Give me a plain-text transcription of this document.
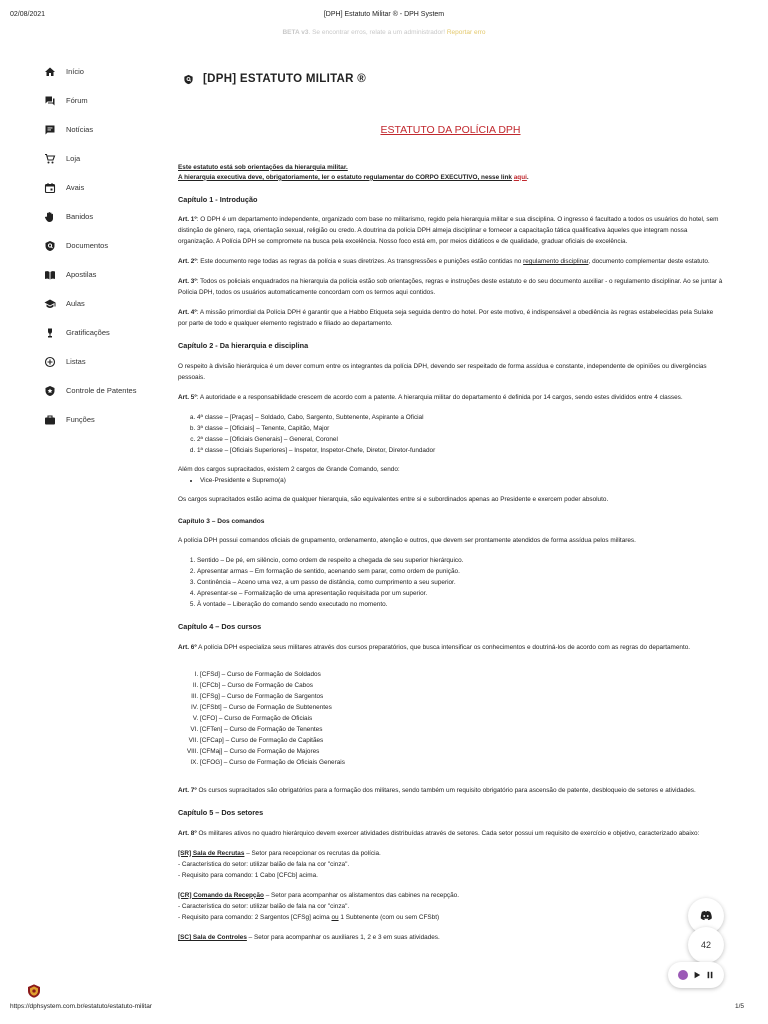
02/08/2021	[DPH] Estatuto Militar ® - DPH System
BETA v3. Se encontrar erros, relate a um administrador! Reportar erro
Início
Fórum
Notícias
Loja
Avais
Banidos
Documentos
Apostilas
Aulas
Gratificações
Listas
Controle de Patentes
Funções
[DPH] ESTATUTO MILITAR ®
ESTATUTO DA POLÍCIA DPH
Este estatuto está sob orientações da hierarquia militar.
A hierarquia executiva deve, obrigatoriamente, ler o estatuto regulamentar do CORPO EXECUTIVO, nesse link aqui.
Capítulo 1 - Introdução

Art. 1º: O DPH é um departamento independente, organizado com base no militarismo, regido pela hierarquia militar e sua disciplina. O ingresso é facultado a todos os usuários do hotel, sem distinção de gênero, raça, orientação sexual, religião ou credo. A doutrina da polícia DPH almeja disciplinar e fornecer a capacitação tática qualificativa àqueles que integram nossa organização. A Polícia DPH se compromete na busca pela excelência. Nosso foco está em, por meios didáticos e de qualidade, graduar oficiais de excelência.

Art. 2º: Este documento rege todas as regras da polícia e suas diretrizes. As transgressões e punições estão contidas no regulamento disciplinar, documento complementar deste estatuto.

Art. 3º: Todos os policiais enquadrados na hierarquia da polícia estão sob orientações, regras e instruções deste estatuto e do seu documento auxiliar - o regulamento disciplinar. Ao se juntar à Polícia DPH, todos os usuários automaticamente concordam com os termos aqui contidos.

Art. 4º: A missão primordial da Polícia DPH é garantir que a Habbo Etiqueta seja seguida dentro do hotel. Por este motivo, é indispensável a obediência às regras estabelecidas pela Sulake por parte de todo e qualquer elemento registrado e filiado ao departamento.

Capítulo 2 - Da hierarquia e disciplina

O respeito à divisão hierárquica é um dever comum entre os integrantes da polícia DPH, devendo ser respeitado de forma assídua e constante, independente de opiniões ou divergências pessoais.

Art. 5º: A autoridade e a responsabilidade crescem de acordo com a patente. A hierarquia militar do departamento é definida por 14 cargos, sendo estes divididos entre 4 classes.

a. 4ª classe – [Praças] – Soldado, Cabo, Sargento, Subtenente, Aspirante a Oficial
b. 3ª classe – [Oficiais] – Tenente, Capitão, Major
c. 2ª classe – [Oficiais Generais] – General, Coronel
d. 1ª classe – [Oficiais Superiores] – Inspetor, Inspetor-Chefe, Diretor, Diretor-fundador
Além dos cargos supracitados, existem 2 cargos de Grande Comando, sendo:
• Vice-Presidente e Supremo(a)

Os cargos supracitados estão acima de qualquer hierarquia, são equivalentes entre si e subordinados apenas ao Presidente e exercem poder absoluto.

Capítulo 3 – Dos comandos

A polícia DPH possui comandos oficiais de grupamento, ordenamento, atenção e outros, que devem ser prontamente atendidos de forma assídua pelos militares.

1. Sentido – De pé, em silêncio, como ordem de respeito a chegada de seu superior hierárquico.
2. Apresentar armas – Em formação de sentido, acenando sem parar, como ordem de punição.
3. Continência – Aceno uma vez, a um passo de distância, como cumprimento a seu superior.
4. Apresentar-se – Formalização de uma apresentação requisitada por um superior.
5. À vontade – Liberação do comando sendo executado no momento.
Capítulo 4 – Dos cursos

Art. 6º A polícia DPH especializa seus militares através dos cursos preparatórios, que busca intensificar os conhecimentos e doutriná-los de acordo com as regras do departamento.

I. [CFSd] – Curso de Formação de Soldados
II. [CFCb] – Curso de Formação de Cabos
III. [CFSg] – Curso de Formação de Sargentos
IV. [CFSbt] – Curso de Formação de Subtenentes
V. [CFO] – Curso de Formação de Oficiais
VI. [CFTen] – Curso de Formação de Tenentes
VII. [CFCap] – Curso de Formação de Capitães
VIII. [CFMaj] – Curso de Formação de Majores
IX. [CFOG] – Curso de Formação de Oficiais Generais

Art. 7º Os cursos supracitados são obrigatórios para a formação dos militares, sendo também um requisito obrigatório para ascensão de patente, desbloqueio de setores e atividades.

Capítulo 5 – Dos setores

Art. 8º Os militares ativos no quadro hierárquico devem exercer atividades distribuídas através de setores. Cada setor possui um requisito de exercício e objetivo, caracterizado abaixo:

[SR] Sala de Recrutas – Setor para recepcionar os recrutas da polícia.

- Característica do setor: utilizar balão de fala na cor "cinza".

- Requisito para comando: 1 Cabo [CFCb] acima.

[CR] Comando da Recepção – Setor para acompanhar os alistamentos das cabines na recepção.

- Característica do setor: utilizar balão de fala na cor "cinza".

- Requisito para comando: 2 Sargentos [CFSg] acima ou 1 Subtenente (com ou sem CFSbt)

[SC] Sala de Controles – Setor para acompanhar os auxiliares 1, 2 e 3 em suas atividades.

42
https://dphsystem.com.br/estatuto/estatuto-militar	1/5
